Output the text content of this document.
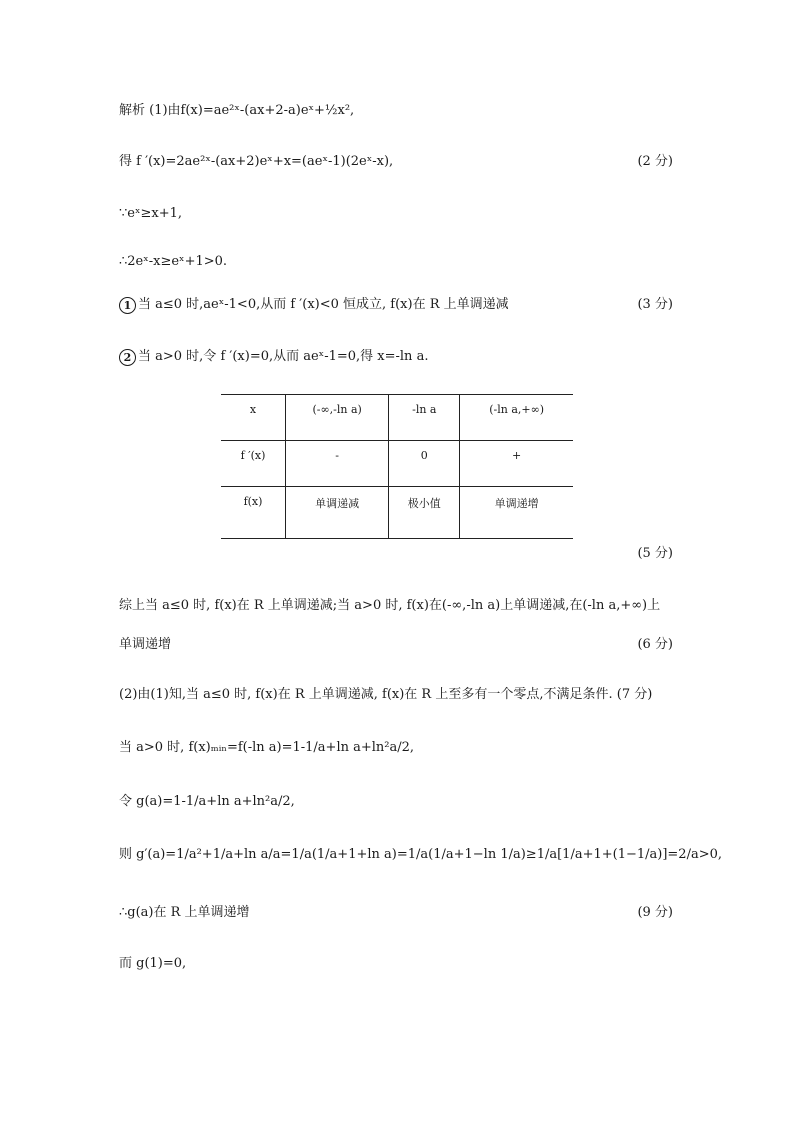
解析 (1)由f(x)=ae²ˣ-(ax+2-a)eˣ+½x²,
得 f ′(x)=2ae²ˣ-(ax+2)eˣ+x=(aeˣ-1)(2eˣ-x),	(2 分)
∵eˣ≥x+1,
∴2eˣ-x≥eˣ+1>0.
1 当 a≤0 时,aeˣ-1<0,从而 f ′(x)<0 恒成立, f(x)在 R 上单调递减	(3 分)
2 当 a>0 时,令 f ′(x)=0,从而 aeˣ-1=0,得 x=-ln a.
(5 分)
综上当 a≤0 时, f(x)在 R 上单调递减;当 a>0 时, f(x)在(-∞,-ln a)上单调递减,在(-ln a,+∞)上
单调递增	(6 分)
(2)由(1)知,当 a≤0 时, f(x)在 R 上单调递减, f(x)在 R 上至多有一个零点,不满足条件. (7 分)
当 a>0 时, f(x)ₘᵢₙ=f(-ln a)=1-1/a+ln a+ln²a/2,
令 g(a)=1-1/a+ln a+ln²a/2,
则 g′(a)=1/a²+1/a+ln a/a=1/a(1/a+1+ln a)=1/a(1/a+1−ln 1/a)≥1/a[1/a+1+(1−1/a)]=2/a>0,
∴g(a)在 R 上单调递增	(9 分)
而 g(1)=0,
x	(-∞,-ln a)	-ln a	(-ln a,+∞)
f ′(x)	-	0	+
f(x)	单调递减	极小值	单调递增
